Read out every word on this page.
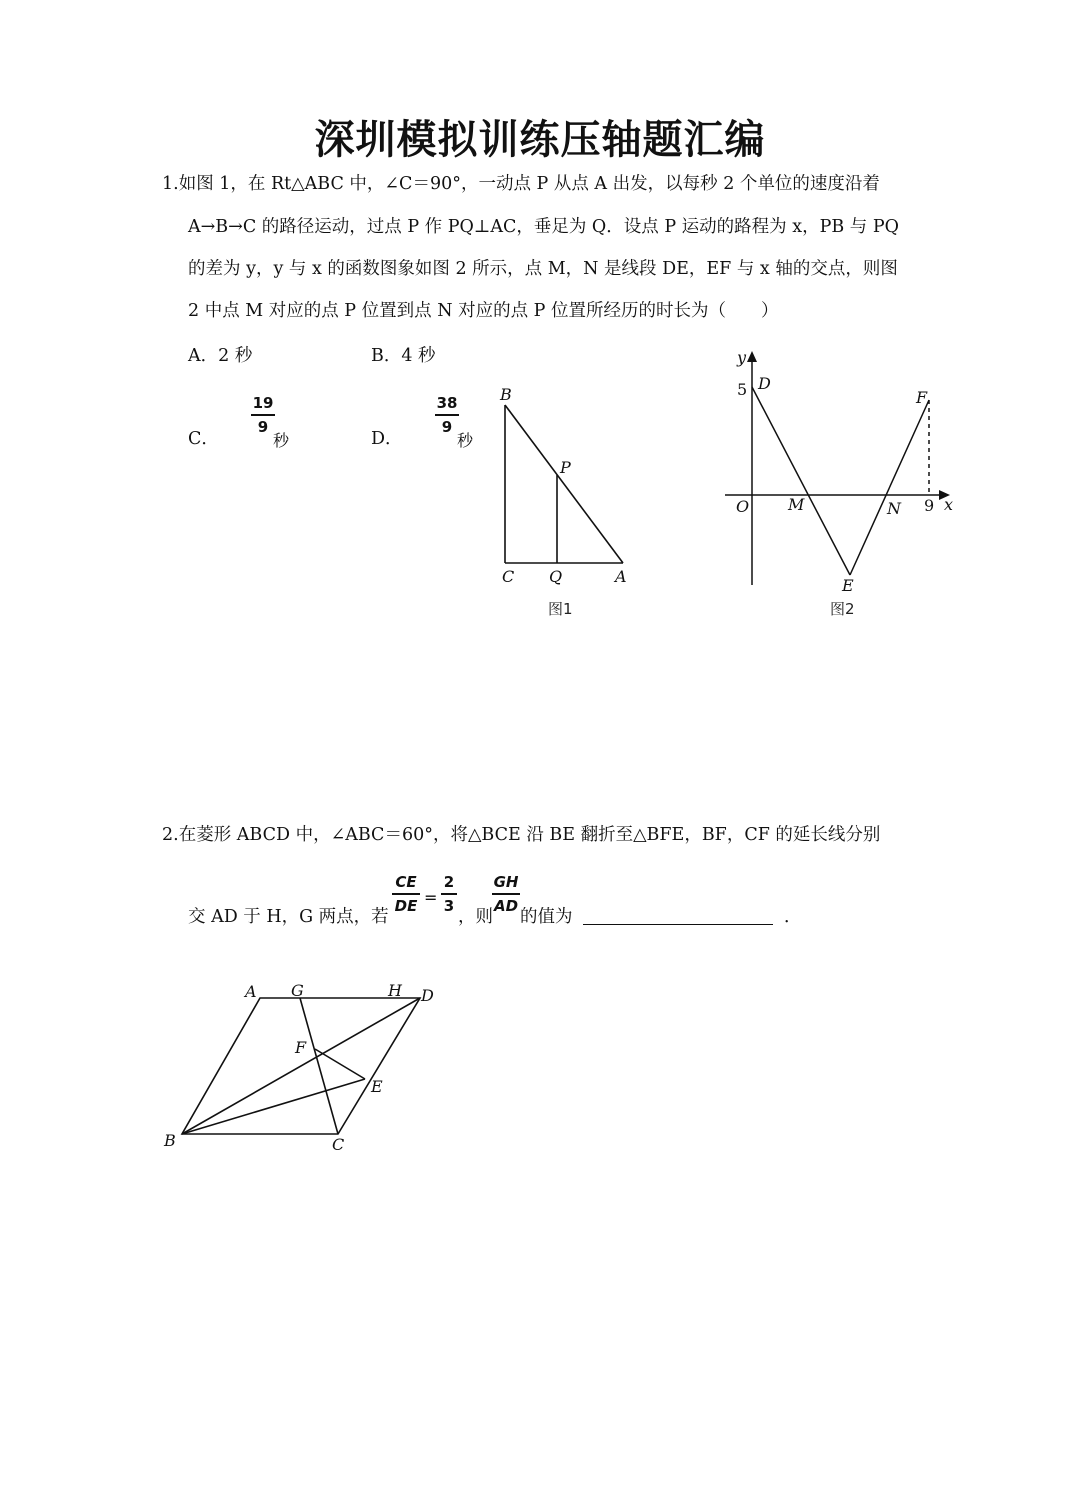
深圳模拟训练压轴题汇编
1.如图 1，在 Rt△ABC 中，∠C＝90°，一动点 P 从点 A 出发，以每秒 2 个单位的速度沿着
A→B→C 的路径运动，过点 P 作 PQ⊥AC，垂足为 Q．设点 P 运动的路程为 x，PB 与 PQ
的差为 y，y 与 x 的函数图象如图 2 所示，点 M，N 是线段 DE，EF 与 x 轴的交点，则图
2 中点 M 对应的点 P 位置到点 N 对应的点 P 位置所经历的时长为（　　）
A．2 秒	B．4 秒
C．
19
9
秒	D．
38
9
秒
B
P
C Q	A
图1
y
5 D
F
O M	N 9 x
E
图2
2.在菱形 ABCD 中，∠ABC＝60°，将△BCE 沿 BE 翻折至△BFE，BF，CF 的延长线分别
交 AD 于 H，G 两点，若
CE
DE =
2
3
，则
GH
AD
的值为	．
A G	H D
F
E
B	C
